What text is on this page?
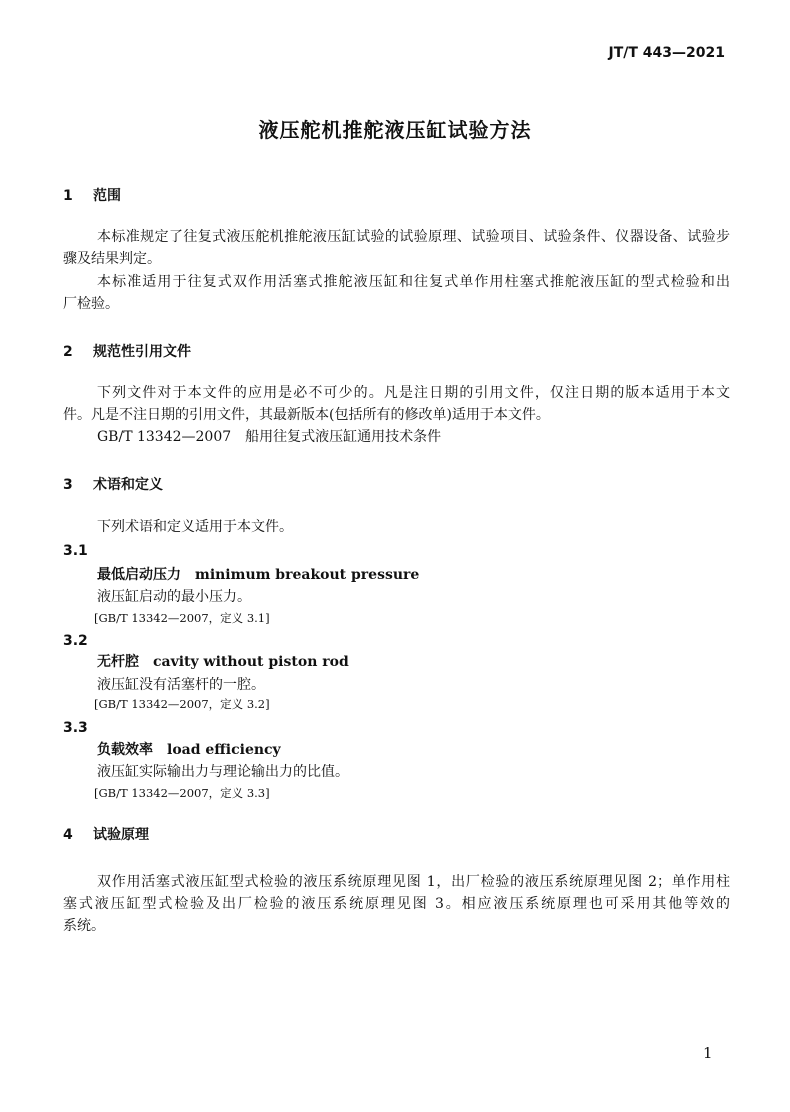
JT/T 443—2021
液压舵机推舵液压缸试验方法
1 范围
本标准规定了往复式液压舵机推舵液压缸试验的试验原理、试验项目、试验条件、仪器设备、试验步
骤及结果判定。
本标准适用于往复式双作用活塞式推舵液压缸和往复式单作用柱塞式推舵液压缸的型式检验和出
厂检验。
2 规范性引用文件
下列文件对于本文件的应用是必不可少的。凡是注日期的引用文件，仅注日期的版本适用于本文
件。凡是不注日期的引用文件，其最新版本(包括所有的修改单)适用于本文件。
GB/T 13342—2007　船用往复式液压缸通用技术条件
3 术语和定义
下列术语和定义适用于本文件。
3.1
最低启动压力　minimum breakout pressure
液压缸启动的最小压力。
[GB/T 13342—2007，定义 3.1]
3.2
无杆腔　cavity without piston rod
液压缸没有活塞杆的一腔。
[GB/T 13342—2007，定义 3.2]
3.3
负载效率　load efficiency
液压缸实际输出力与理论输出力的比值。
[GB/T 13342—2007，定义 3.3]
4 试验原理
双作用活塞式液压缸型式检验的液压系统原理见图 1，出厂检验的液压系统原理见图 2；单作用柱
塞式液压缸型式检验及出厂检验的液压系统原理见图 3。相应液压系统原理也可采用其他等效的
系统。
1
